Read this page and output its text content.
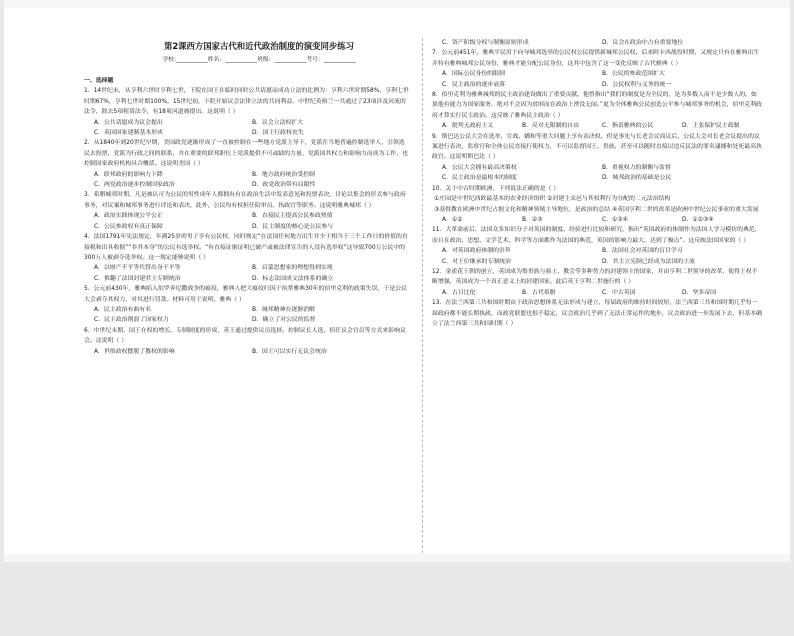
第2课西方国家古代和近代政治制度的演变同步练习
学校:___________姓名：___________班级：___________考号：___________
一、选择题

1．14世纪末，从亨利六世时亨利七世，下院在国王在临时同时公共请愿而成功立法的比例为：亨利六世时期58%，亨利七世时期67%，亨利七世时期100%。15世纪初，下院开始议会法律立法的共同利益。中世纪英格兰一共通过了23项涉及河流的法令，除去5项租赁法令，有18项河道被提出。这说明（ ）

A．公共请愿成为议会提出	B．议会立法权扩大
C．英国国家建制基本形成	D．国王行政权丧失

2．从1840年到20世纪早期，美国政党逐渐形成了一直被控制在一些地方党派主导下，党派在当地普遍控制选举人，引领选民去投票，党派为行政之间的联系，并在重要的联邦职位上党派提供不可或缺的力量，党派国其权力和影响力而成为工作，也控制国家政府机构具合概括。这说明美国（ ）

A．联邦政府的影响力下降	B．地方政府统治受控制
C．两党政治逐步控制国家政治	D．政党政治带有局限性

3．希腊城邦时期，凡是被认可为公民的男性成年人都拥有有在政治生活中发表意见和投票表决，讨论以集会的形式参与政府事务，对议案和城邦事务进行评论和表决，此外，公民均有权担任陪审员、执政官等职务。这说明雅典城邦（ ）

A．政治实践体现公平公正	B．直接民主提高公民参政热情
C．公民参政权有真正保障	D．民主制度的核心是公民参与

4．法国1791年宪法规定，年满25岁的男子享有公民权，同时规定“在法国任何地方出生并少于相当于三个工作日的价值的直接税和出具收据”“非其本身”的公民有选举权。“有直接证据证明已破产或被法律宣告的人没有选举权”这导致700万公民中的300万人被剥夺选举权。这一规定能够说明（ ）

A．以财产不平等代替出身不平等	B．启蒙思想家的理想得到实现
C．推翻了法国封建君主专制统治	D．标志法国成文法体系的确立

5．公元前430年，雅典陷入伯罗奔尼撒战争的瘟疫，雅典人把大瘟疫归因于执掌雅典30年的伯里克利的政策失误，于是公民大会剥夺其权力，对其进行罚款。材料可用于说明，雅典（ ）

A．民主政治有曲有名	B．城邦精神在逐渐消解
C．民主政治削弱了国家权力	D．确立了对公民的监督

6．中世纪末期，国王在权的增长、专制制度的形成，英王通过提供议员选择、控制议长人选、招任议会官员等方式来影响议会。这说明（ ）

A．世俗政权摆脱了教权的影响	B．国王可以实行无议会统治
C．资产阶级分权与制衡原则形成	D．议会在政治中占有重要地位

7．公元前451年，雅典平民用于向导城邦选举的公民权公民提供新城邦公民权，后来阿卡西战役时期，又规定只有在雅典出生并持有雅典城邦公民身份，雅典才能分配公民身份，这其中包含了这一变化反映了古代雅典（ ）

A．国际公民身份的限制	B．公民的参政范围扩大
C．民主政治的逐步衰落	D．公民权利与义务的统一

8．伯里克利为雅典城邦的民主政治建设做出了重要贡献。他曾指出“我们的制度是为全民的，是为多数人而不是少数人的。如果他有能力为国家服务，绝对不会因为贫困而在政治上湮没无闻。”更为全体雅典公民创造公平参与城邦事务的机会，伯里克利政府才算实行民主政治。这反映了雅典民主政治（ ）

A．批判无政府主义	B．反对无限制的自由	C．指责雅典的公民	D．主张保护民主政制

9．斯巴达公民大会在选举，宣战、媾和等重大问题上享有表决权，但是事先与长老会议商议后，公民大会对长老会议提出的议案进行表决，监察官和全体公民直接行使权力，不可以监督国王、贵族，甚至可以随时直接以违反民法的罪名逮捕和处死最高执政官。这说明斯巴达（ ）

A．公民大会拥有最高决策权	B．重视权力的制衡与监督
C．民主政治是最根本的制度	D．城邦政治的基础是公民

10．关于中古时期欧洲，下列说法正确的是（ ）

①庄园是中世纪西欧最基本的农业经济组织 ②封建主采邑与其权利行为分配的二元法治结构
③基督教在欧洲中世纪占据文化和精神领域主导地位，是政治的总结 ④英国亨利二世的改革是欧洲中世纪公民事业的重大发展
A．①②	B．②③	C．①③④	D．①②③④

11．大革命前后，法国众多知识分子对英国的制度、经验进行比较和研究，指出“英国政府的体制作为法国人学习模仿的典范，而且在政治、思想、文学艺术、科学等方面都作为法国的典范，英国的影响力最大，达到了极点”。这反映法国国家的（ ）

A．对英国政府体制的崇拜	B．法国社会对英国的盲目学习
C．对王位继承的专制统治	D．君主立宪制已经成为法国的主流

12．金雀花王朝的创立，英国成为集贵族与骑士、教会等多种势力的封建领主的国家，并由亨利二世领导的改革，使得王权不断增强，英国成为一个真正意义上的封建国家。此后英王亨利二世施行的（ ）

A．古日比伦	B．古代希腊	C．中古英国	D．坚多帝国

13．在法兰西第三共和国时期由于政治思想体系无法形成与建立，每届政府的维持时间较短，法兰西第三共和国时期几乎每一届政府都不能长期执政，而政党联盟也很不稳定，议会政治几乎到了无法正常运作的地步，议会政治进一步发展下去，但基本确立了法兰西第三共和国时期（ ）
